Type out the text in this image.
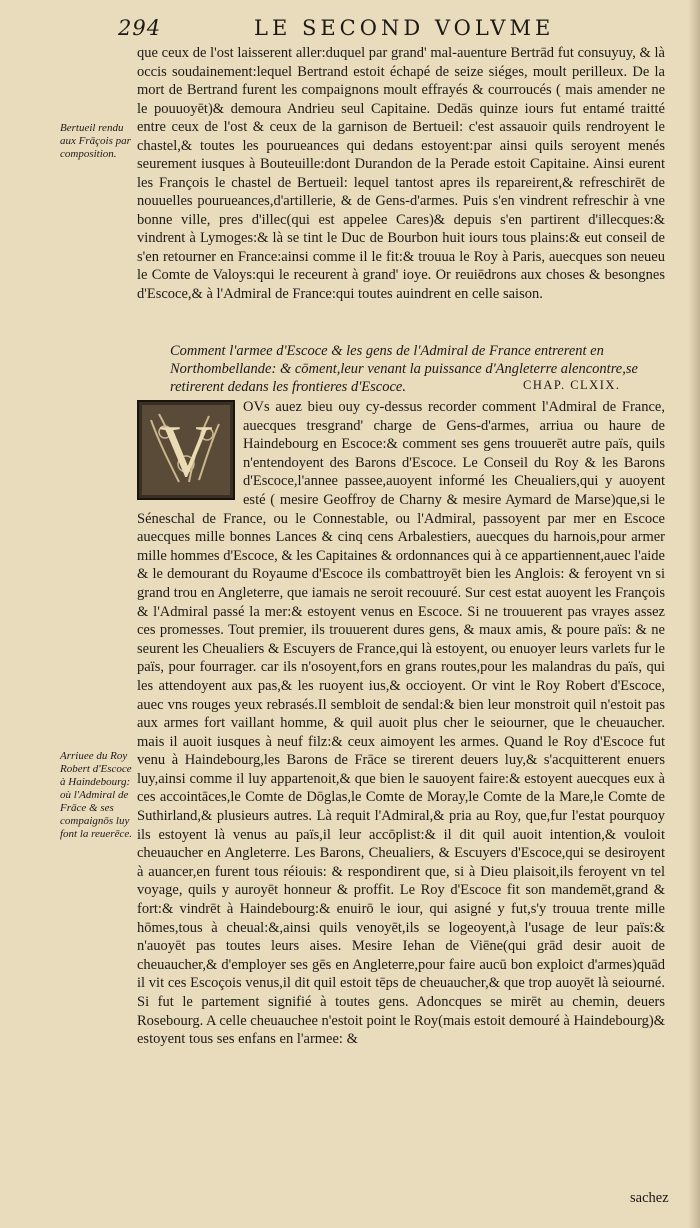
294	LE SECOND VOLVME

que ceux de l'ost laisserent aller:duquel par grand' mal-auenture Bertrād fut consuyuy, & là occis soudainement:lequel Bertrand estoit échapé de seize siéges, moult perilleux. De la mort de Bertrand furent les compaignons moult effrayés & courroucés ( mais amender ne le pouuoyēt)& demoura Andrieu seul Capitaine. Dedās quinze iours fut entamé traitté entre ceux de l'ost & ceux de la garnison de Bertueil: c'est assauoir quils rendroyent le chastel,& toutes les pourueances qui dedans estoyent:par ainsi quils seroyent menés seurement iusques à Bouteuille:dont Durandon de la Perade estoit Capitaine. Ainsi eurent les François le chastel de Bertueil: lequel tantost apres ils repareirent,& refreschirēt de nouuelles pourueances,d'artillerie, & de Gens-d'armes. Puis s'en vindrent refreschir à vne bonne ville, pres d'illec(qui est appelee Cares)& depuis s'en partirent d'illecques:& vindrent à Lymoges:& là se tint le Duc de Bourbon huit iours tous plains:& eut conseil de s'en retourner en France:ainsi comme il le fit:& trouua le Roy à Paris, auecques son neueu le Comte de Valoys:qui le receurent à grand' ioye. Or reuiēdrons aux choses & besongnes d'Escoce,& à l'Admiral de France:qui toutes auindrent en celle saison.

Bertueil rendu aux Frāçois par composition.
Comment l'armee d'Escoce & les gens de l'Admiral de France entrerent en Northombellande: & cōment,leur venant la puissance d'Angleterre alencontre,se retirerent dedans les frontieres d'Escoce.	CHAP. CLXIX.
V
OVs auez bieu ouy cy-dessus recorder comment l'Admiral de France, auecques tresgrand' charge de Gens-d'armes, arriua ou haure de Haindebourg en Escoce:& comment ses gens trouuerēt autre païs, quils n'entendoyent des Barons d'Escoce. Le Conseil du Roy & les Barons d'Escoce,l'annee passee,auoyent informé les Cheualiers,qui y auoyent esté ( mesire Geoffroy de Charny & mesire Aymard de Marse)que,si le Séneschal de France, ou le Connestable, ou l'Admiral, passoyent par mer en Escoce auecques mille bonnes Lances & cinq cens Arbalestiers, auecques du harnois,pour armer mille hommes d'Escoce, & les Capitaines & ordonnances qui à ce appartiennent,auec l'aide & le demourant du Royaume d'Escoce ils combattroyēt bien les Anglois: & feroyent vn si grand trou en Angleterre, que iamais ne seroit recouuré. Sur cest estat auoyent les François & l'Admiral passé la mer:& estoyent venus en Escoce. Si ne trouuerent pas vrayes assez ces promesses. Tout premier, ils trouuerent dures gens, & maux amis, & poure païs: & ne seurent les Cheualiers & Escuyers de France,qui là estoyent, ou enuoyer leurs varlets fur le païs, pour fourrager. car ils n'osoyent,fors en grans routes,pour les malandras du païs, qui les attendoyent aux pas,& les ruoyent ius,& occioyent. Or vint le Roy Robert d'Escoce, auec vns rouges yeux rebrasés.Il sembloit de sendal:& bien leur monstroit quil n'estoit pas aux armes fort vaillant homme, & quil auoit plus cher le seiourner, que le cheuaucher. mais il auoit iusques à neuf filz:& ceux aimoyent les armes. Quand le Roy d'Escoce fut venu à Haindebourg,les Barons de Frāce se tirerent deuers luy,& s'acquitterent enuers luy,ainsi comme il luy appartenoit,& que bien le sauoyent faire:& estoyent auecques eux à ces accointāces,le Comte de Dōglas,le Comte de Moray,le Comte de la Mare,le Comte de Suthirland,& plusieurs autres. Là requit l'Admiral,& pria au Roy, que,fur l'estat pourquoy ils estoyent là venus au païs,il leur accōplist:& il dit quil auoit intention,& vouloit cheuaucher en Angleterre. Les Barons, Cheualiers, & Escuyers d'Escoce,qui se desiroyent à auancer,en furent tous réiouis: & respondirent que, si à Dieu plaisoit,ils feroyent vn tel voyage, quils y auroyēt honneur & proffit. Le Roy d'Escoce fit son mandemēt,grand & fort:& vindrēt à Haindebourg:& enuirō le iour, qui asigné y fut,s'y trouua trente mille hōmes,tous à cheual:&,ainsi quils venoyēt,ils se logeoyent,à l'usage de leur païs:& n'auoyēt pas toutes leurs aises. Mesire Iehan de Viēne(qui grād desir auoit de cheuaucher,& d'employer ses gēs en Angleterre,pour faire aucū bon exploict d'armes)quād il vit ces Escoçois venus,il dit quil estoit tēps de cheuaucher,& que trop auoyēt là seiourné. Si fut le partement signifié à toutes gens. Adoncques se mirēt au chemin, deuers Rosebourg. A celle cheuauchee n'estoit point le Roy(mais estoit demouré à Haindebourg)& estoyent tous ses enfans en l'armee: &
Arriuee du Roy Robert d'Escoce à Haindebourg: où l'Admiral de Frāce & ses compaignōs luy font la reuerēce.
sachez
